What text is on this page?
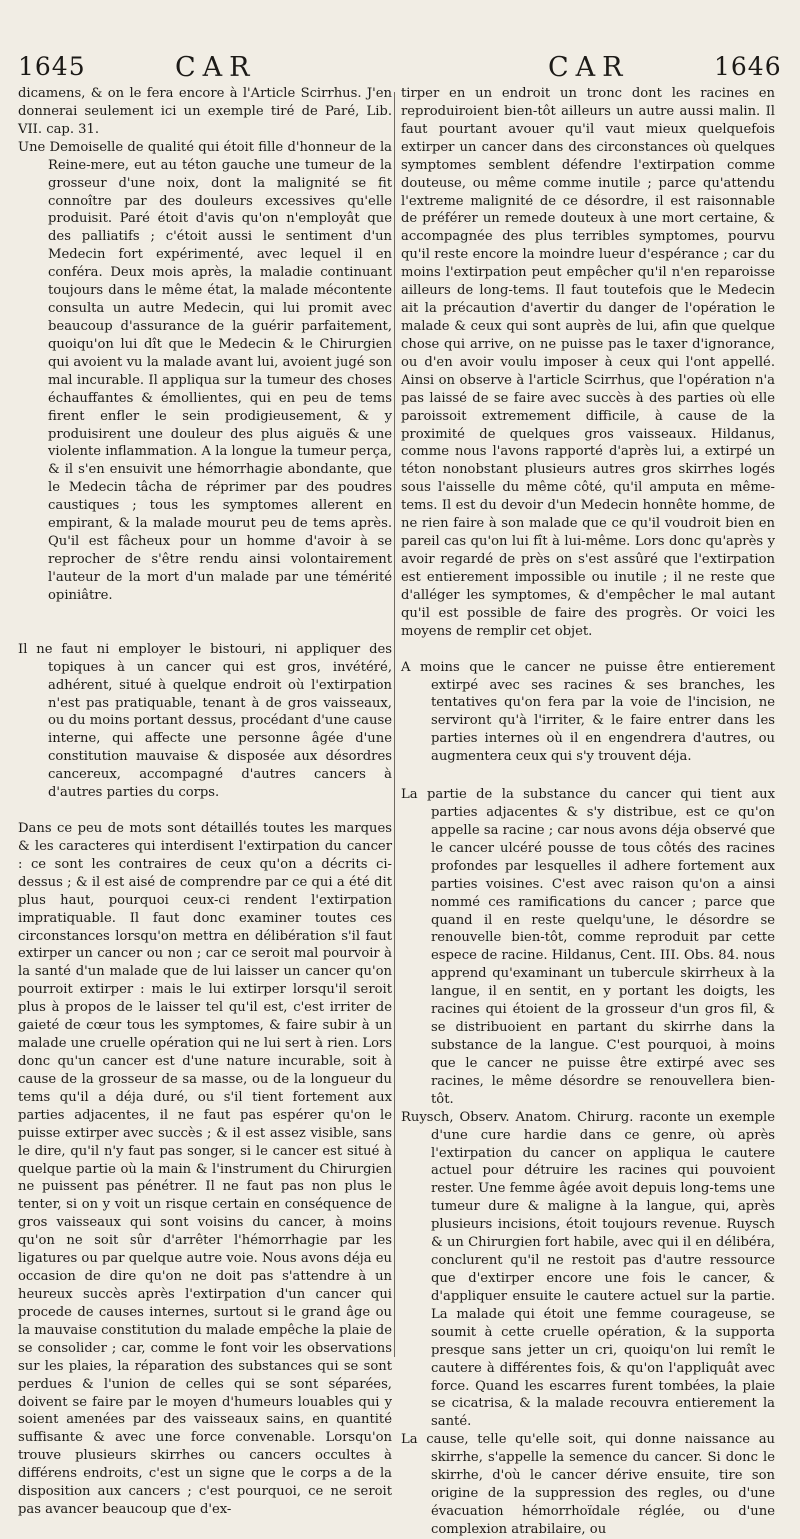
1645	CAR	CAR	1646

dicamens, & on le fera encore à l'Article Scirrhus. J'en donnerai seulement ici un exemple tiré de Paré, Lib. VII. cap. 31.

Une Demoiselle de qualité qui étoit fille d'honneur de la Reine-mere, eut au téton gauche une tumeur de la grosseur d'une noix, dont la malignité se fit connoître par des douleurs excessives qu'elle produisit. Paré étoit d'avis qu'on n'employât que des palliatifs ; c'étoit aussi le sentiment d'un Medecin fort expérimenté, avec lequel il en conféra. Deux mois après, la maladie continuant toujours dans le même état, la malade mécontente consulta un autre Medecin, qui lui promit avec beaucoup d'assurance de la guérir parfaitement, quoiqu'on lui dît que le Medecin & le Chirurgien qui avoient vu la malade avant lui, avoient jugé son mal incurable. Il appliqua sur la tumeur des choses échauffantes & émollientes, qui en peu de tems firent enfler le sein prodigieusement, & y produisirent une douleur des plus aiguës & une violente inflammation. A la longue la tumeur perça, & il s'en ensuivit une hémorrhagie abondante, que le Medecin tâcha de réprimer par des poudres caustiques ; tous les symptomes allerent en empirant, & la malade mourut peu de tems après. Qu'il est fâcheux pour un homme d'avoir à se reprocher de s'être rendu ainsi volontairement l'auteur de la mort d'un malade par une témérité opiniâtre.

Il ne faut ni employer le bistouri, ni appliquer des topiques à un cancer qui est gros, invétéré, adhérent, situé à quelque endroit où l'extirpation n'est pas pratiquable, tenant à de gros vaisseaux, ou du moins portant dessus, procédant d'une cause interne, qui affecte une personne âgée d'une constitution mauvaise & disposée aux désordres cancereux, accompagné d'autres cancers à d'autres parties du corps.

Dans ce peu de mots sont détaillés toutes les marques & les caracteres qui interdisent l'extirpation du cancer : ce sont les contraires de ceux qu'on a décrits ci-dessus ; & il est aisé de comprendre par ce qui a été dit plus haut, pourquoi ceux-ci rendent l'extirpation impratiquable. Il faut donc examiner toutes ces circonstances lorsqu'on mettra en délibération s'il faut extirper un cancer ou non ; car ce seroit mal pourvoir à la santé d'un malade que de lui laisser un cancer qu'on pourroit extirper : mais le lui extirper lorsqu'il seroit plus à propos de le laisser tel qu'il est, c'est irriter de gaieté de cœur tous les symptomes, & faire subir à un malade une cruelle opération qui ne lui sert à rien. Lors donc qu'un cancer est d'une nature incurable, soit à cause de la grosseur de sa masse, ou de la longueur du tems qu'il a déja duré, ou s'il tient fortement aux parties adjacentes, il ne faut pas espérer qu'on le puisse extirper avec succès ; & il est assez visible, sans le dire, qu'il n'y faut pas songer, si le cancer est situé à quelque partie où la main & l'instrument du Chirurgien ne puissent pas pénétrer. Il ne faut pas non plus le tenter, si on y voit un risque certain en conséquence de gros vaisseaux qui sont voisins du cancer, à moins qu'on ne soit sûr d'arrêter l'hémorrhagie par les ligatures ou par quelque autre voie. Nous avons déja eu occasion de dire qu'on ne doit pas s'attendre à un heureux succès après l'extirpation d'un cancer qui procede de causes internes, surtout si le grand âge ou la mauvaise constitution du malade empêche la plaie de se consolider ; car, comme le font voir les observations sur les plaies, la réparation des substances qui se sont perdues & l'union de celles qui se sont séparées, doivent se faire par le moyen d'humeurs louables qui y soient amenées par des vaisseaux sains, en quantité suffisante & avec une force convenable. Lorsqu'on trouve plusieurs skirrhes ou cancers occultes à différens endroits, c'est un signe que le corps a de la disposition aux cancers ; c'est pourquoi, ce ne seroit pas avancer beaucoup que d'ex-

tirper en un endroit un tronc dont les racines en reproduiroient bien-tôt ailleurs un autre aussi malin. Il faut pourtant avouer qu'il vaut mieux quelquefois extirper un cancer dans des circonstances où quelques symptomes semblent défendre l'extirpation comme douteuse, ou même comme inutile ; parce qu'attendu l'extreme malignité de ce désordre, il est raisonnable de préférer un remede douteux à une mort certaine, & accompagnée des plus terribles symptomes, pourvu qu'il reste encore la moindre lueur d'espérance ; car du moins l'extirpation peut empêcher qu'il n'en reparoisse ailleurs de long-tems. Il faut toutefois que le Medecin ait la précaution d'avertir du danger de l'opération le malade & ceux qui sont auprès de lui, afin que quelque chose qui arrive, on ne puisse pas le taxer d'ignorance, ou d'en avoir voulu imposer à ceux qui l'ont appellé. Ainsi on observe à l'article Scirrhus, que l'opération n'a pas laissé de se faire avec succès à des parties où elle paroissoit extremement difficile, à cause de la proximité de quelques gros vaisseaux. Hildanus, comme nous l'avons rapporté d'après lui, a extirpé un téton nonobstant plusieurs autres gros skirrhes logés sous l'aisselle du même côté, qu'il amputa en même-tems. Il est du devoir d'un Medecin honnête homme, de ne rien faire à son malade que ce qu'il voudroit bien en pareil cas qu'on lui fît à lui-même. Lors donc qu'après y avoir regardé de près on s'est assûré que l'extirpation est entierement impossible ou inutile ; il ne reste que d'alléger les symptomes, & d'empêcher le mal autant qu'il est possible de faire des progrès. Or voici les moyens de remplir cet objet.

A moins que le cancer ne puisse être entierement extirpé avec ses racines & ses branches, les tentatives qu'on fera par la voie de l'incision, ne serviront qu'à l'irriter, & le faire entrer dans les parties internes où il en engendrera d'autres, ou augmentera ceux qui s'y trouvent déja.

La partie de la substance du cancer qui tient aux parties adjacentes & s'y distribue, est ce qu'on appelle sa racine ; car nous avons déja observé que le cancer ulcéré pousse de tous côtés des racines profondes par lesquelles il adhere fortement aux parties voisines. C'est avec raison qu'on a ainsi nommé ces ramifications du cancer ; parce que quand il en reste quelqu'une, le désordre se renouvelle bien-tôt, comme reproduit par cette espece de racine. Hildanus, Cent. III. Obs. 84. nous apprend qu'examinant un tubercule skirrheux à la langue, il en sentit, en y portant les doigts, les racines qui étoient de la grosseur d'un gros fil, & se distribuoient en partant du skirrhe dans la substance de la langue. C'est pourquoi, à moins que le cancer ne puisse être extirpé avec ses racines, le même désordre se renouvellera bien-tôt.

Ruysch, Observ. Anatom. Chirurg. raconte un exemple d'une cure hardie dans ce genre, où après l'extirpation du cancer on appliqua le cautere actuel pour détruire les racines qui pouvoient rester. Une femme âgée avoit depuis long-tems une tumeur dure & maligne à la langue, qui, après plusieurs incisions, étoit toujours revenue. Ruysch & un Chirurgien fort habile, avec qui il en délibéra, conclurent qu'il ne restoit pas d'autre ressource que d'extirper encore une fois le cancer, & d'appliquer ensuite le cautere actuel sur la partie. La malade qui étoit une femme courageuse, se soumit à cette cruelle opération, & la supporta presque sans jetter un cri, quoiqu'on lui remît le cautere à différentes fois, & qu'on l'appliquât avec force. Quand les escarres furent tombées, la plaie se cicatrisa, & la malade recouvra entierement la santé.

La cause, telle qu'elle soit, qui donne naissance au skirrhe, s'appelle la semence du cancer. Si donc le skirrhe, d'où le cancer dérive ensuite, tire son origine de la suppression des regles, ou d'une évacuation hémorrhoïdale réglée, ou d'une complexion atrabilaire, ou
